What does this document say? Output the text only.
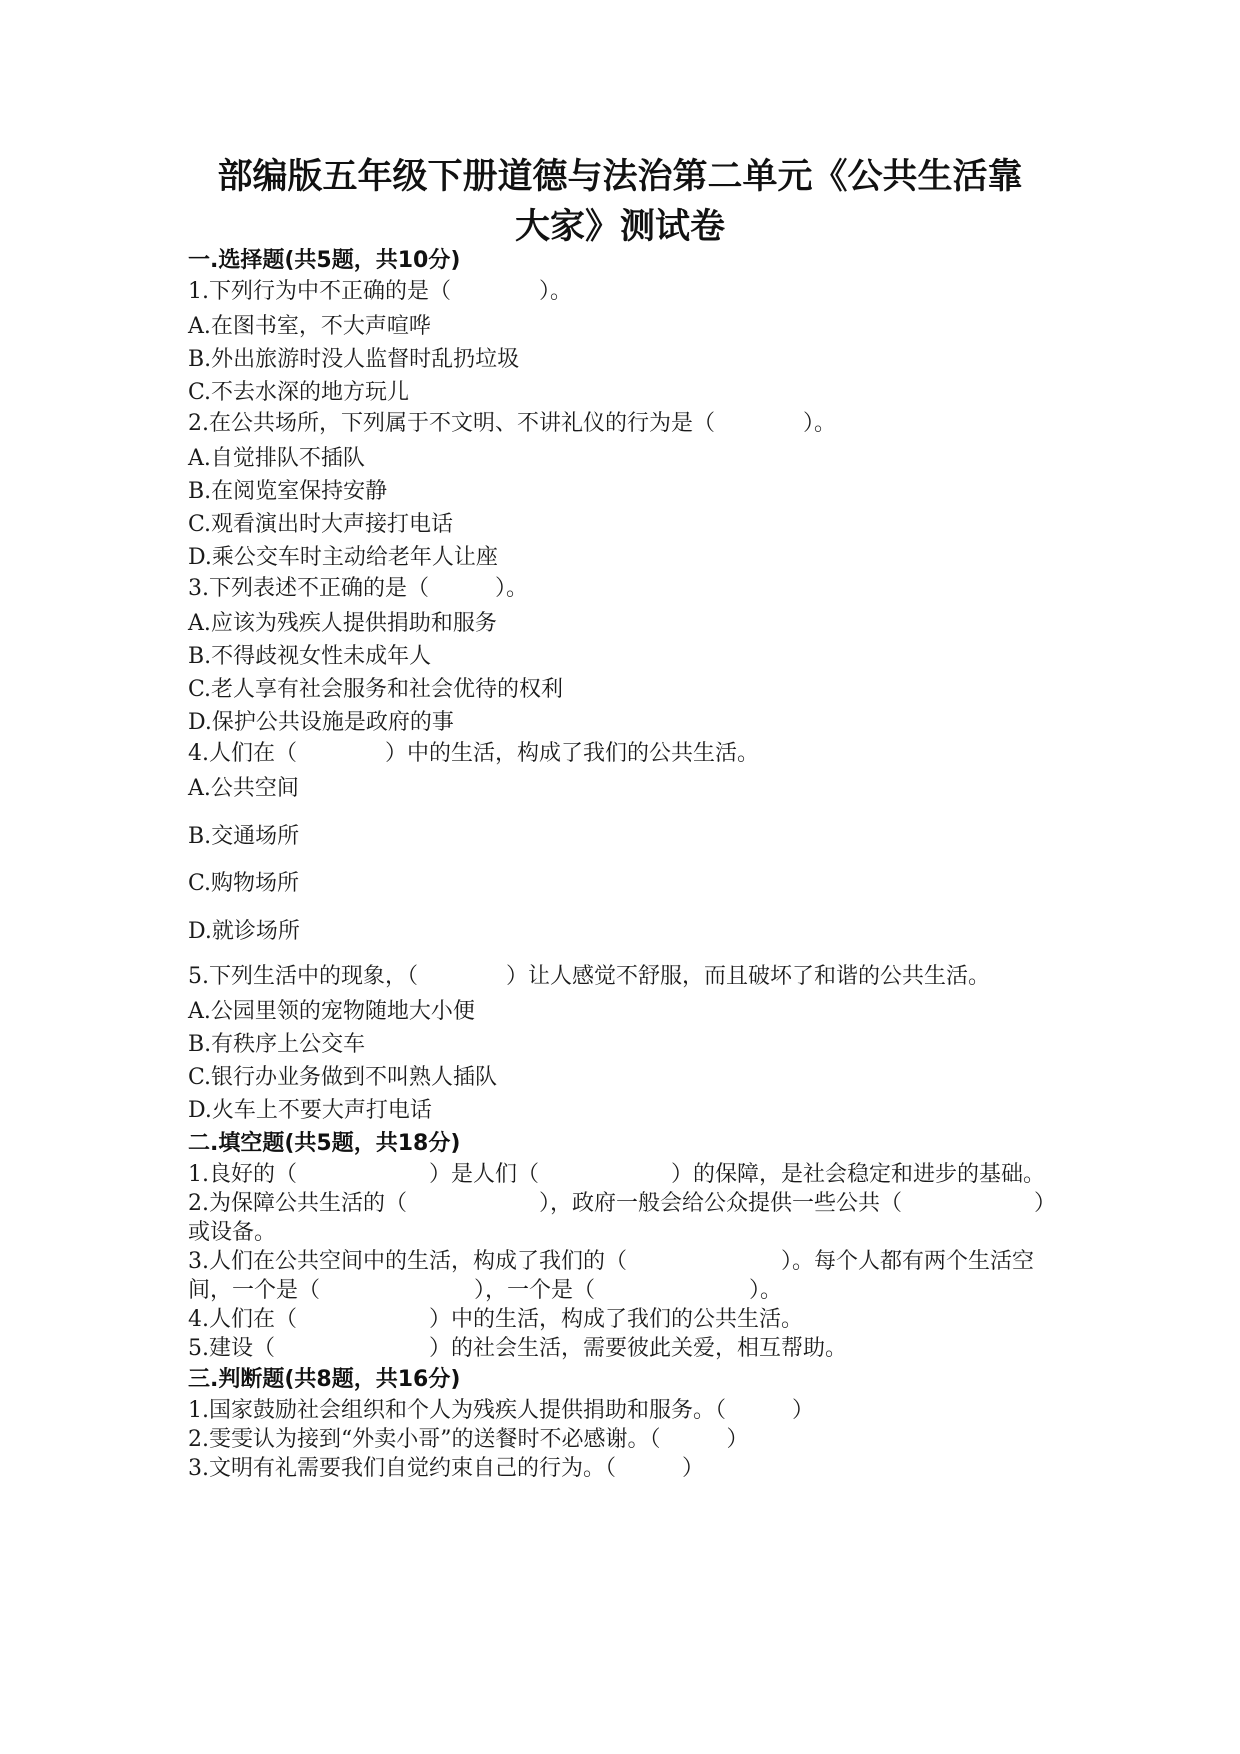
部编版五年级下册道德与法治第二单元《公共生活靠
大家》测试卷
一.选择题(共5题，共10分)
1.下列行为中不正确的是（　　　　）。
A.在图书室，不大声喧哗
B.外出旅游时没人监督时乱扔垃圾
C.不去水深的地方玩儿
2.在公共场所，下列属于不文明、不讲礼仪的行为是（　　　　）。
A.自觉排队不插队
B.在阅览室保持安静
C.观看演出时大声接打电话
D.乘公交车时主动给老年人让座
3.下列表述不正确的是（　　　）。
A.应该为残疾人提供捐助和服务
B.不得歧视女性未成年人
C.老人享有社会服务和社会优待的权利
D.保护公共设施是政府的事
4.人们在（　　　　）中的生活，构成了我们的公共生活。
A.公共空间
B.交通场所
C.购物场所
D.就诊场所
5.下列生活中的现象，（　　　　）让人感觉不舒服，而且破坏了和谐的公共生活。
A.公园里领的宠物随地大小便
B.有秩序上公交车
C.银行办业务做到不叫熟人插队
D.火车上不要大声打电话
二.填空题(共5题，共18分)
1.良好的（　　　　　　）是人们（　　　　　　）的保障，是社会稳定和进步的基础。
2.为保障公共生活的（　　　　　　），政府一般会给公众提供一些公共（　　　　　　）或设备。
3.人们在公共空间中的生活，构成了我们的（　　　　　　　）。每个人都有两个生活空间，一个是（　　　　　　　），一个是（　　　　　　　）。
4.人们在（　　　　　　）中的生活，构成了我们的公共生活。
5.建设（　　　　　　　）的社会生活，需要彼此关爱，相互帮助。
三.判断题(共8题，共16分)
1.国家鼓励社会组织和个人为残疾人提供捐助和服务。（　　　）
2.雯雯认为接到“外卖小哥”的送餐时不必感谢。（　　　）
3.文明有礼需要我们自觉约束自己的行为。（　　　）
